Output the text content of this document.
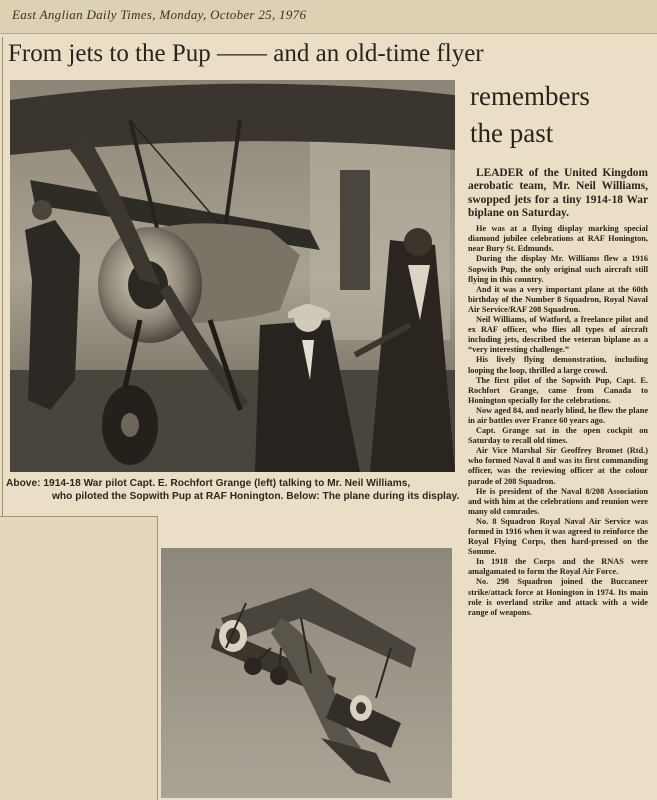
East Anglian Daily Times, Monday, October 25, 1976
From jets to the Pup —— and an old-time flyer
remembers
the past
Above: 1914-18 War pilot Capt. E. Rochfort Grange (left) talking to Mr. Neil Williams,
who piloted the Sopwith Pup at RAF Honington. Below: The plane during its display.

LEADER of the United Kingdom aerobatic team, Mr. Neil Williams, swopped jets for a tiny 1914-18 War biplane on Saturday.

He was at a flying display marking special diamond jubilee celebrations at RAF Honington, near Bury St. Edmunds.

During the display Mr. Williams flew a 1916 Sopwith Pup, the only original such aircraft still flying in this country.

And it was a very important plane at the 60th birthday of the Number 8 Squadron, Royal Naval Air Service/RAF 208 Squadron.

Neil Williams, of Watford, a freelance pilot and ex RAF officer, who flies all types of aircraft including jets, described the veteran biplane as a “very interesting challenge.”

His lively flying demonstration, including looping the loop, thrilled a large crowd.

The first pilot of the Sopwith Pup, Capt. E. Rochfort Grange, came from Canada to Honington specially for the celebrations.

Now aged 84, and nearly blind, he flew the plane in air battles over France 60 years ago.

Capt. Grange sat in the open cockpit on Saturday to recall old times.

Air Vice Marshal Sir Geoffrey Bromet (Rtd.) who formed Naval 8 and was its first commanding officer, was the reviewing officer at the colour parade of 208 Squadron.

He is president of the Naval 8/208 Association and with him at the celebrations and reunion were many old comrades.

No. 8 Squadron Royal Naval Air Service was formed in 1916 when it was agreed to reinforce the Royal Flying Corps, then hard-pressed on the Somme.

In 1918 the Corps and the RNAS were amalgamated to form the Royal Air Force.

No. 298 Squadron joined the Buccaneer strike/attack force at Honington in 1974. Its main role is overland strike and attack with a wide range of weapons.
